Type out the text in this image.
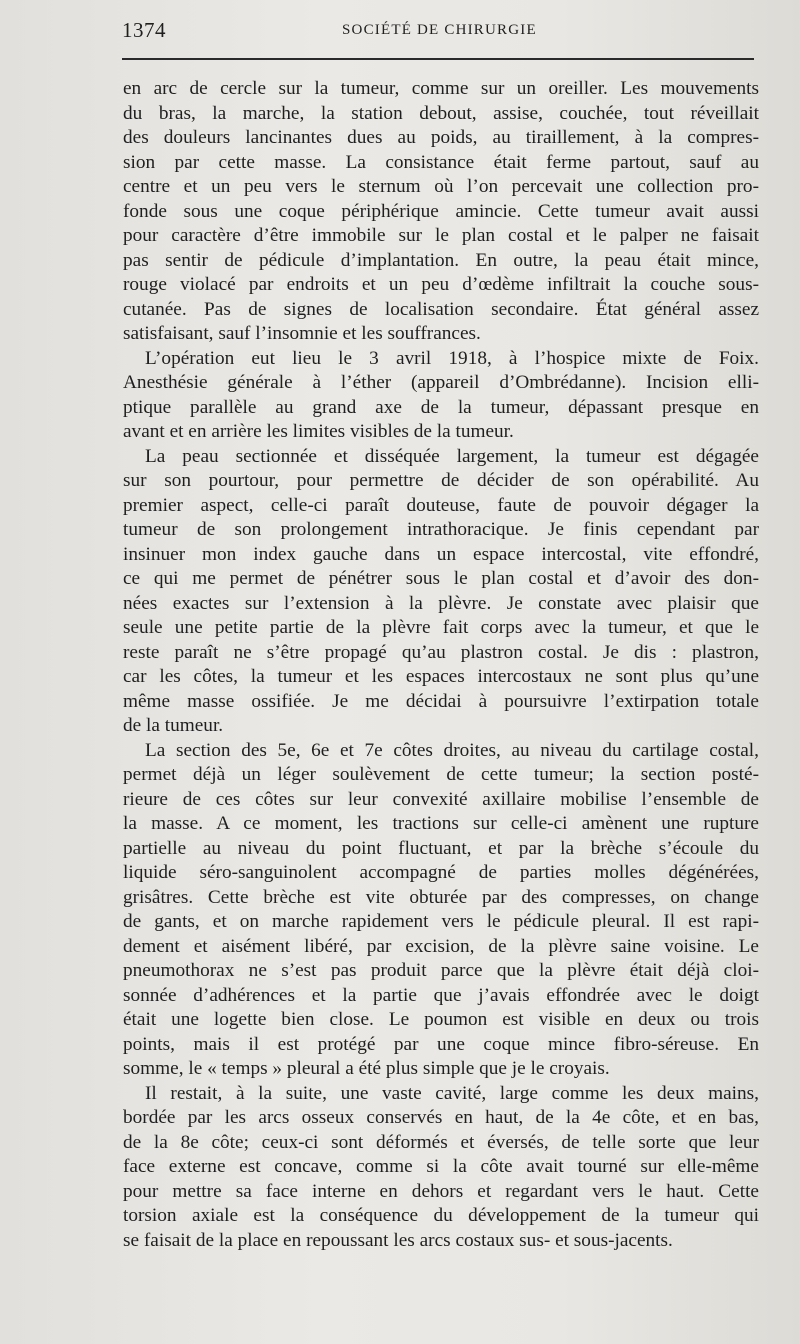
1374	SOCIÉTÉ DE CHIRURGIE
en arc de cercle sur la tumeur, comme sur un oreiller. Les mouvements
du bras, la marche, la station debout, assise, couchée, tout réveillait
des douleurs lancinantes dues au poids, au tiraillement, à la compres-
sion par cette masse. La consistance était ferme partout, sauf au
centre et un peu vers le sternum où l’on percevait une collection pro-
fonde sous une coque périphérique amincie. Cette tumeur avait aussi
pour caractère d’être immobile sur le plan costal et le palper ne faisait
pas sentir de pédicule d’implantation. En outre, la peau était mince,
rouge violacé par endroits et un peu d’œdème infiltrait la couche sous-
cutanée. Pas de signes de localisation secondaire. État général assez
satisfaisant, sauf l’insomnie et les souffrances.
L’opération eut lieu le 3 avril 1918, à l’hospice mixte de Foix.
Anesthésie générale à l’éther (appareil d’Ombrédanne). Incision elli-
ptique parallèle au grand axe de la tumeur, dépassant presque en
avant et en arrière les limites visibles de la tumeur.
La peau sectionnée et disséquée largement, la tumeur est dégagée
sur son pourtour, pour permettre de décider de son opérabilité. Au
premier aspect, celle-ci paraît douteuse, faute de pouvoir dégager la
tumeur de son prolongement intrathoracique. Je finis cependant par
insinuer mon index gauche dans un espace intercostal, vite effondré,
ce qui me permet de pénétrer sous le plan costal et d’avoir des don-
nées exactes sur l’extension à la plèvre. Je constate avec plaisir que
seule une petite partie de la plèvre fait corps avec la tumeur, et que le
reste paraît ne s’être propagé qu’au plastron costal. Je dis : plastron,
car les côtes, la tumeur et les espaces intercostaux ne sont plus qu’une
même masse ossifiée. Je me décidai à poursuivre l’extirpation totale
de la tumeur.
La section des 5e, 6e et 7e côtes droites, au niveau du cartilage costal,
permet déjà un léger soulèvement de cette tumeur; la section posté-
rieure de ces côtes sur leur convexité axillaire mobilise l’ensemble de
la masse. A ce moment, les tractions sur celle-ci amènent une rupture
partielle au niveau du point fluctuant, et par la brèche s’écoule du
liquide séro-sanguinolent accompagné de parties molles dégénérées,
grisâtres. Cette brèche est vite obturée par des compresses, on change
de gants, et on marche rapidement vers le pédicule pleural. Il est rapi-
dement et aisément libéré, par excision, de la plèvre saine voisine. Le
pneumothorax ne s’est pas produit parce que la plèvre était déjà cloi-
sonnée d’adhérences et la partie que j’avais effondrée avec le doigt
était une logette bien close. Le poumon est visible en deux ou trois
points, mais il est protégé par une coque mince fibro-séreuse. En
somme, le « temps » pleural a été plus simple que je le croyais.
Il restait, à la suite, une vaste cavité, large comme les deux mains,
bordée par les arcs osseux conservés en haut, de la 4e côte, et en bas,
de la 8e côte; ceux-ci sont déformés et éversés, de telle sorte que leur
face externe est concave, comme si la côte avait tourné sur elle-même
pour mettre sa face interne en dehors et regardant vers le haut. Cette
torsion axiale est la conséquence du développement de la tumeur qui
se faisait de la place en repoussant les arcs costaux sus- et sous-jacents.
